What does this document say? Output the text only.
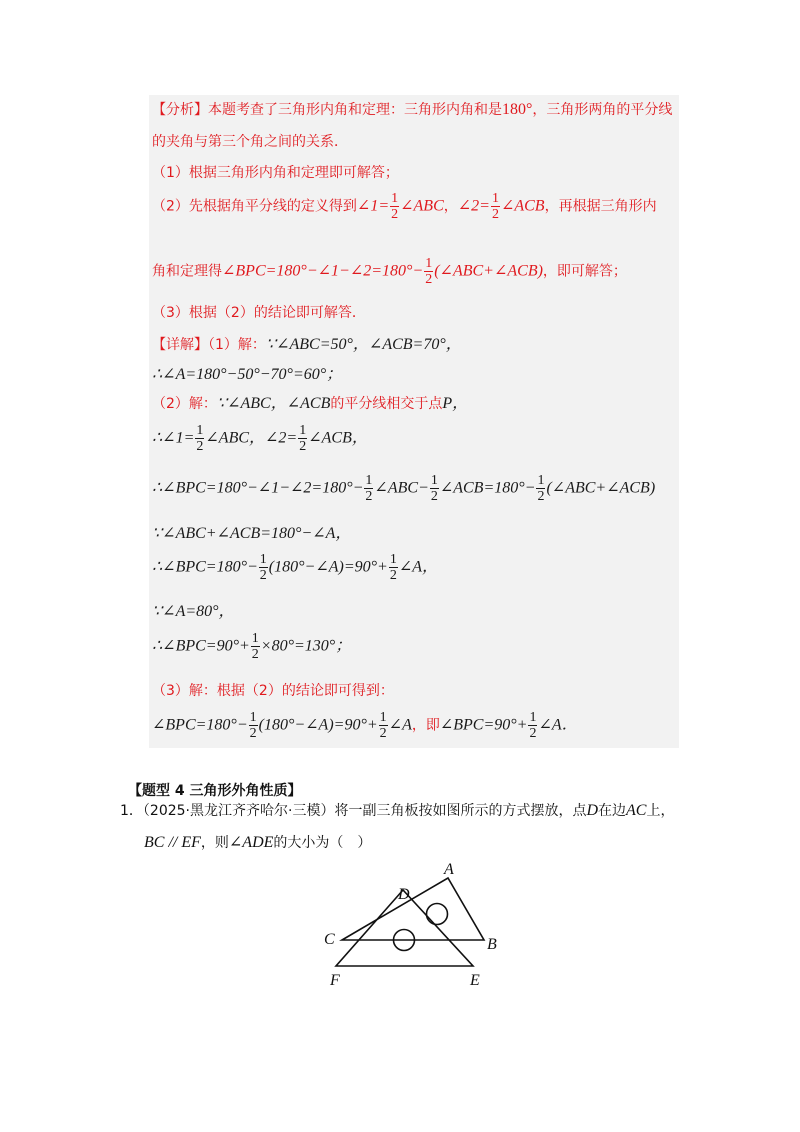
【分析】本题考查了三角形内角和定理：三角形内角和是180°，三角形两角的平分线
的夹角与第三个角之间的关系．
（1）根据三角形内角和定理即可解答；
（2）先根据角平分线的定义得到∠1= $\frac{1}{2}$ ∠ABC，∠2= $\frac{1}{2}$ ∠ACB，再根据三角形内
角和定理得∠BPC=180°−∠1−∠2=180°− $\frac{1}{2}$ (∠ABC+∠ACB)，即可解答；
（3）根据（2）的结论即可解答．
【详解】（1）解：∵∠ABC=50°，∠ACB=70°，
∴∠A=180°−50°−70°=60°；
（2）解：∵∠ABC，∠ACB的平分线相交于点P，
∴∠1= $\frac{1}{2}$ ∠ABC，∠2= $\frac{1}{2}$ ∠ACB，
∴∠BPC=180°−∠1−∠2=180°− $\frac{1}{2}$ ∠ABC− $\frac{1}{2}$ ∠ACB=180°− $\frac{1}{2}$ (∠ABC+∠ACB)
∵∠ABC+∠ACB=180°−∠A，
∴∠BPC=180°− $\frac{1}{2}$ (180°−∠A)=90°+ $\frac{1}{2}$ ∠A，
∵∠A=80°，
∴∠BPC=90°+ $\frac{1}{2} \times 80^\circ=130^\circ$；
（3）解：根据（2）的结论即可得到：
∠BPC=180°− $\frac{1}{2}$ (180°−∠A)=90°+ $\frac{1}{2}$ ∠A，即∠BPC=90°+ $\frac{1}{2}$ ∠A．
【题型 4 三角形外角性质】
1．（2025·黑龙江齐齐哈尔·三模）将一副三角板按如图所示的方式摆放，点D在边AC上，
BC // EF，则∠ADE的大小为（　）
A
B
C
D
E
F
